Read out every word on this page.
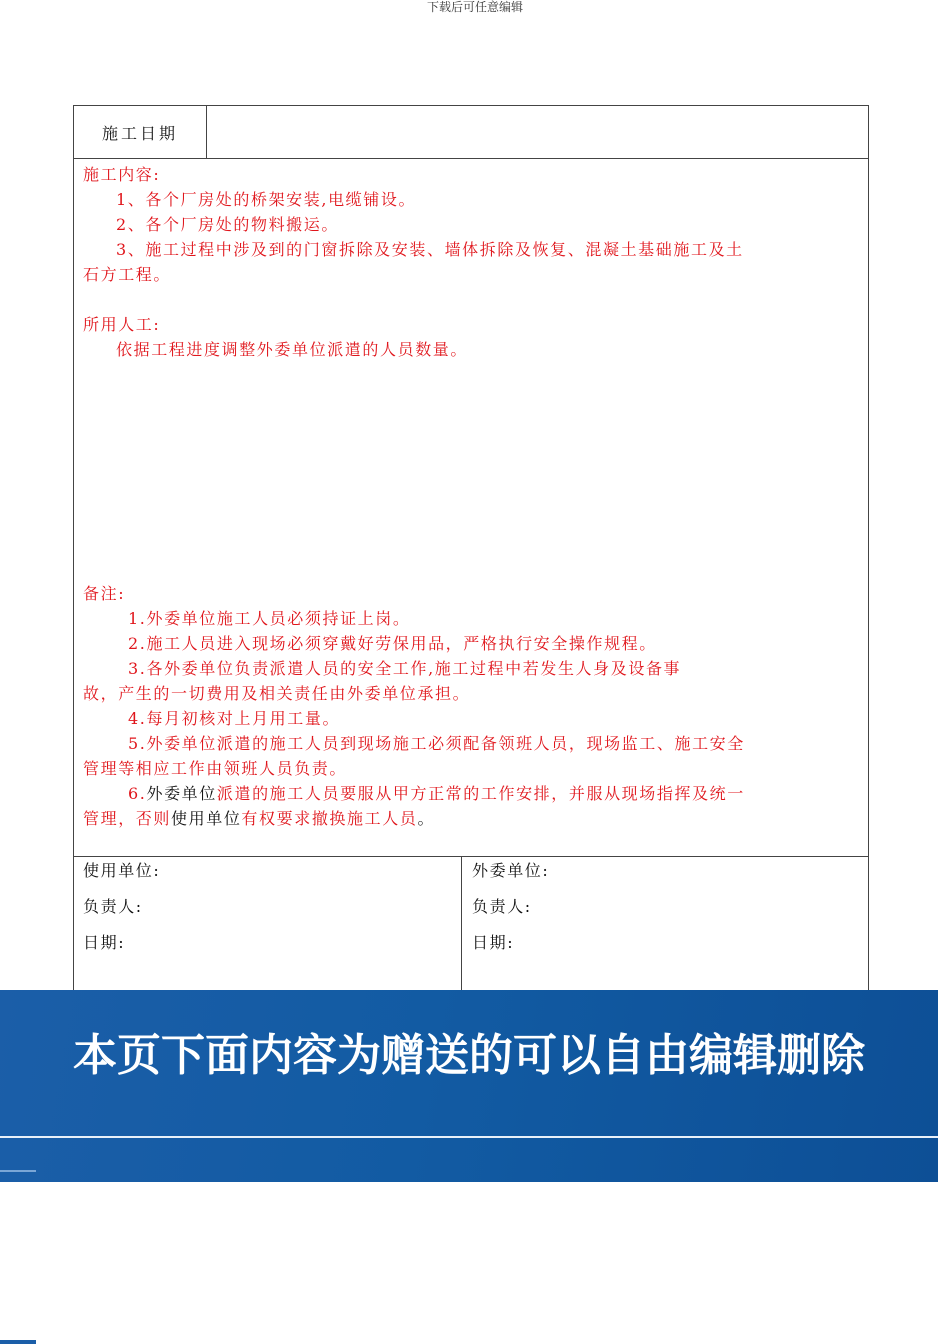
下载后可任意编辑
施工日期
施工内容:
1、各个厂房处的桥架安装,电缆铺设。
2、各个厂房处的物料搬运。
3、施工过程中涉及到的门窗拆除及安装、墙体拆除及恢复、混凝土基础施工及土
石方工程。
所用人工:
依据工程进度调整外委单位派遣的人员数量。
备注:
1.外委单位施工人员必须持证上岗。
2.施工人员进入现场必须穿戴好劳保用品，严格执行安全操作规程。
3.各外委单位负责派遣人员的安全工作,施工过程中若发生人身及设备事
故，产生的一切费用及相关责任由外委单位承担。
4.每月初核对上月用工量。
5.外委单位派遣的施工人员到现场施工必须配备领班人员，现场监工、施工安全
管理等相应工作由领班人员负责。
6.外委单位派遣的施工人员要服从甲方正常的工作安排，并服从现场指挥及统一
管理，否则使用单位有权要求撤换施工人员。
使用单位:
负责人:
日期:
外委单位:
负责人:
日期:
本页下面内容为赠送的可以自由编辑删除
